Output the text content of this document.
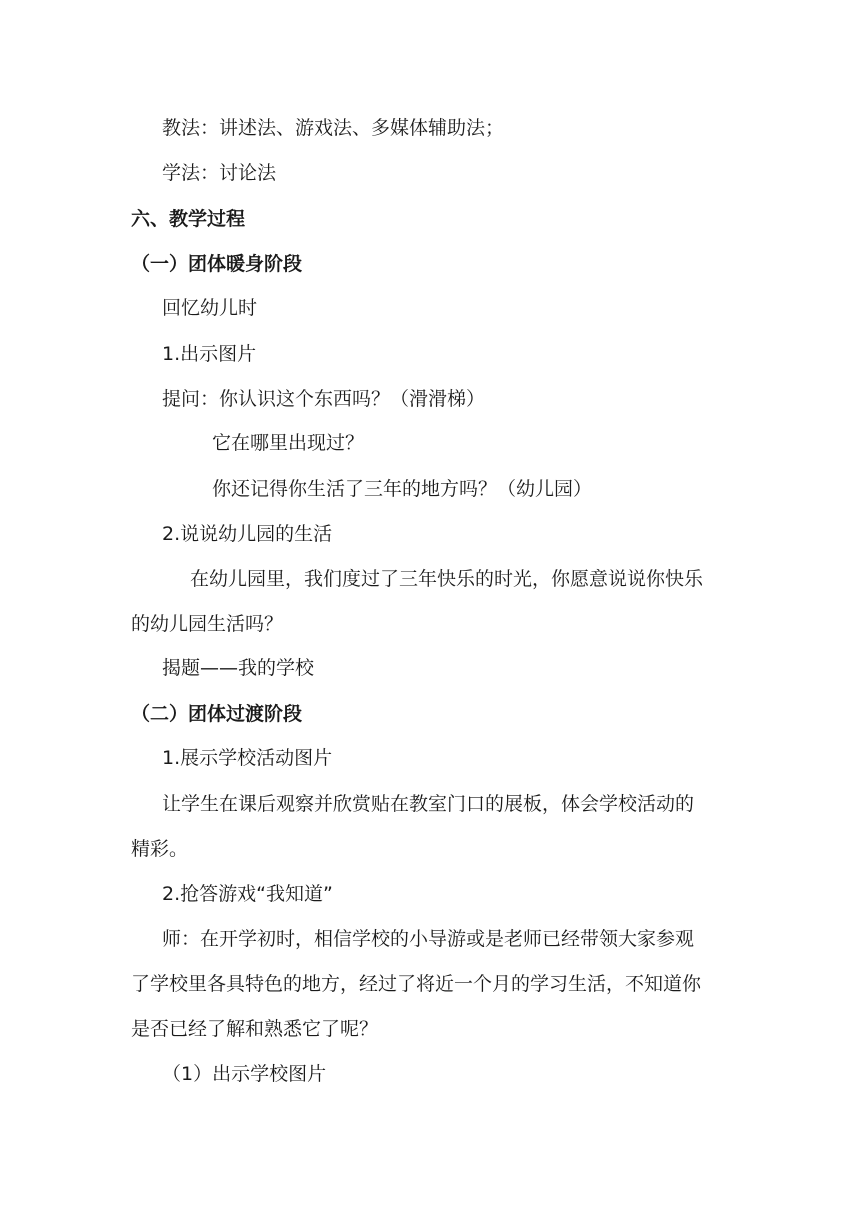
教法：讲述法、游戏法、多媒体辅助法；
学法：讨论法
六、教学过程
（一）团体暖身阶段
回忆幼儿时
1.出示图片
提问：你认识这个东西吗？（滑滑梯）
它在哪里出现过？
你还记得你生活了三年的地方吗？（幼儿园）
2.说说幼儿园的生活
在幼儿园里，我们度过了三年快乐的时光，你愿意说说你快乐
的幼儿园生活吗？
揭题——我的学校
（二）团体过渡阶段
1.展示学校活动图片
让学生在课后观察并欣赏贴在教室门口的展板，体会学校活动的
精彩。
2.抢答游戏“我知道”
师：在开学初时，相信学校的小导游或是老师已经带领大家参观
了学校里各具特色的地方，经过了将近一个月的学习生活，不知道你
是否已经了解和熟悉它了呢？
（1）出示学校图片
